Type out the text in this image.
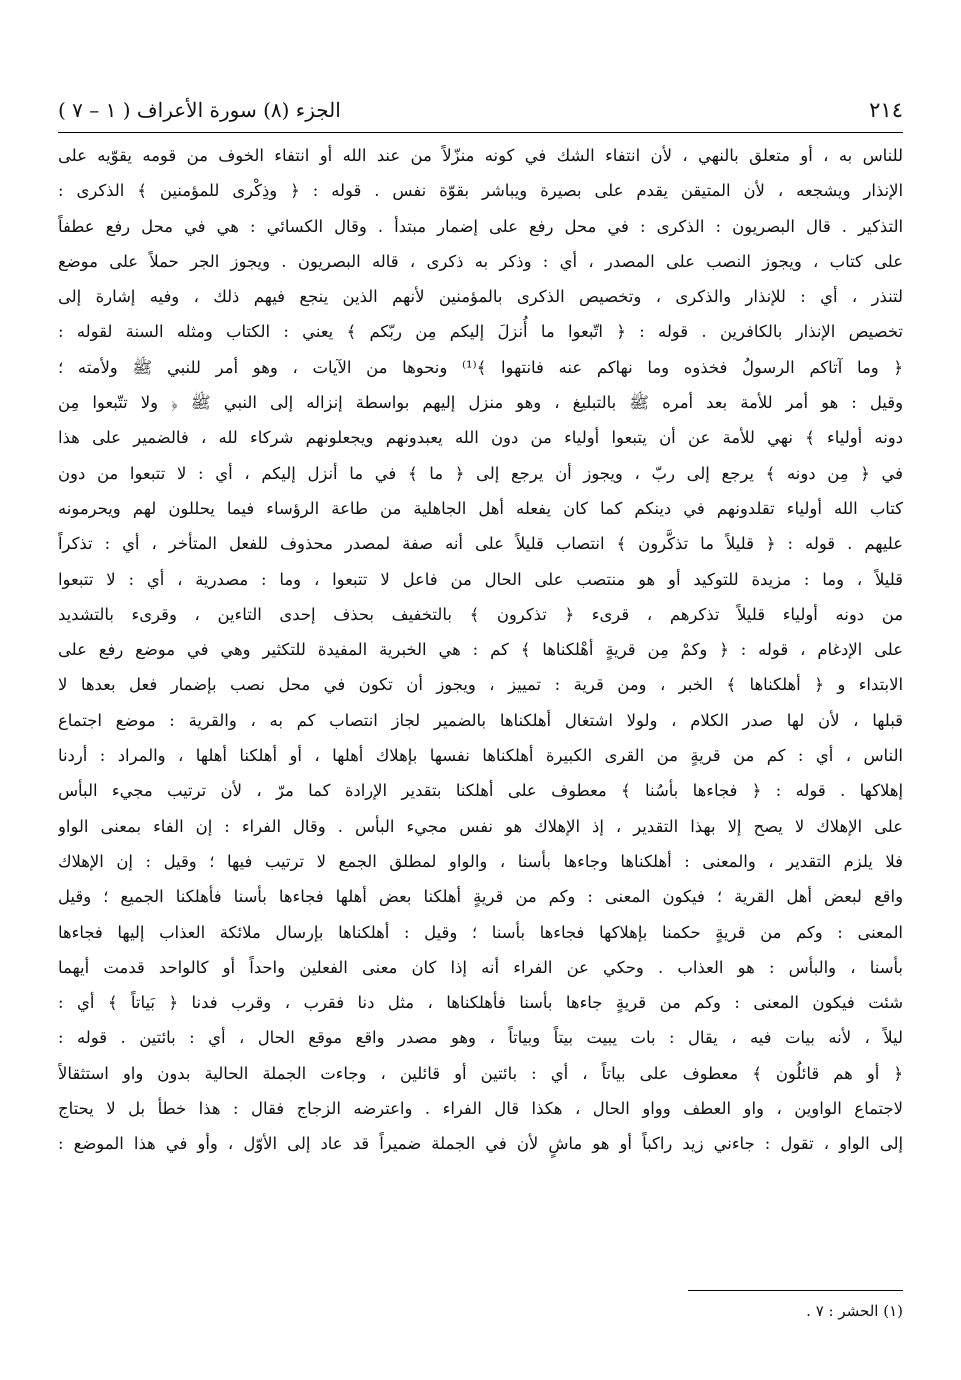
٢١٤
الجزء (٨) سورة الأعراف ( ١ – ٧ )
للناس به ، أو متعلق بالنهي ، لأن انتفاء الشك في كونه منزّلاً من عند الله أو انتفاء الخوف من قومه يقوّيه على
الإنذار ويشجعه ، لأن المتيقن يقدم على بصيرة ويباشر بقوّة نفس . قوله : ﴿ وذِكْرى للمؤمنين ﴾ الذكرى :
التذكير . قال البصريون : الذكرى : في محل رفع على إضمار مبتدأ . وقال الكسائي : هي في محل رفع عطفاً
على كتاب ، ويجوز النصب على المصدر ، أي : وذكر به ذكرى ، قاله البصريون . ويجوز الجر حملاً على موضع
لتنذر ، أي : للإنذار والذكرى ، وتخصيص الذكرى بالمؤمنين لأنهم الذين ينجع فيهم ذلك ، وفيه إشارة إلى
تخصيص الإنذار بالكافرين . قوله : ﴿ اتّبعوا ما أُنزلَ إليكم مِن ربّكم ﴾ يعني : الكتاب ومثله السنة لقوله :
﴿ وما آتاكم الرسولُ فخذوه وما نهاكم عنه فانتهوا ﴾⁽¹⁾ ونحوها من الآيات ، وهو أمر للنبي ﷺ ولأمته ؛
وقيل : هو أمر للأمة بعد أمره ﷺ بالتبليغ ، وهو منزل إليهم بواسطة إنزاله إلى النبي ﷺ ﴿ ولا تتّبعوا مِن
دونه أولياء ﴾ نهي للأمة عن أن يتبعوا أولياء من دون الله يعبدونهم ويجعلونهم شركاء لله ، فالضمير على هذا
في ﴿ مِن دونه ﴾ يرجع إلى ربّ ، ويجوز أن يرجع إلى ﴿ ما ﴾ في ما أنزل إليكم ، أي : لا تتبعوا من دون
كتاب الله أولياء تقلدونهم في دينكم كما كان يفعله أهل الجاهلية من طاعة الرؤساء فيما يحللون لهم ويحرمونه
عليهم . قوله : ﴿ قليلاً ما تذكَّرون ﴾ انتصاب قليلاً على أنه صفة لمصدر محذوف للفعل المتأخر ، أي : تذكراً
قليلاً ، وما : مزيدة للتوكيد أو هو منتصب على الحال من فاعل لا تتبعوا ، وما : مصدرية ، أي : لا تتبعوا
من دونه أولياء قليلاً تذكرهم ، قرىء ﴿ تذكرون ﴾ بالتخفيف بحذف إحدى التاءين ، وقرىء بالتشديد
على الإدغام ، قوله : ﴿ وكمْ مِن قريةٍ أهْلكناها ﴾ كم : هي الخبرية المفيدة للتكثير وهي في موضع رفع على
الابتداء و ﴿ أهلكناها ﴾ الخبر ، ومن قرية : تمييز ، ويجوز أن تكون في محل نصب بإضمار فعل بعدها لا
قبلها ، لأن لها صدر الكلام ، ولولا اشتغال أهلكناها بالضمير لجاز انتصاب كم به ، والقرية : موضع اجتماع
الناس ، أي : كم من قريةٍ من القرى الكبيرة أهلكناها نفسها بإهلاك أهلها ، أو أهلكنا أهلها ، والمراد : أردنا
إهلاكها . قوله : ﴿ فجاءها بأسُنا ﴾ معطوف على أهلكنا بتقدير الإرادة كما مرّ ، لأن ترتيب مجيء البأس
على الإهلاك لا يصح إلا بهذا التقدير ، إذ الإهلاك هو نفس مجيء البأس . وقال الفراء : إن الفاء بمعنى الواو
فلا يلزم التقدير ، والمعنى : أهلكناها وجاءها بأسنا ، والواو لمطلق الجمع لا ترتيب فيها ؛ وقيل : إن الإهلاك
واقع لبعض أهل القرية ؛ فيكون المعنى : وكم من قريةٍ أهلكنا بعض أهلها فجاءها بأسنا فأهلكنا الجميع ؛ وقيل
المعنى : وكم من قريةٍ حكمنا بإهلاكها فجاءها بأسنا ؛ وقيل : أهلكناها بإرسال ملائكة العذاب إليها فجاءها
بأسنا ، والبأس : هو العذاب . وحكي عن الفراء أنه إذا كان معنى الفعلين واحداً أو كالواحد قدمت أيهما
شئت فيكون المعنى : وكم من قريةٍ جاءها بأسنا فأهلكناها ، مثل دنا فقرب ، وقرب فدنا ﴿ بَياتاً ﴾ أي :
ليلاً ، لأنه بيات فيه ، يقال : بات يبيت بيتاً وبياتاً ، وهو مصدر واقع موقع الحال ، أي : بائتين . قوله :
﴿ أو هم قائلُون ﴾ معطوف على بياتاً ، أي : بائتين أو قائلين ، وجاءت الجملة الحالية بدون واو استثقالاً
لاجتماع الواوين ، واو العطف وواو الحال ، هكذا قال الفراء . واعترضه الزجاج فقال : هذا خطأ بل لا يحتاج
إلى الواو ، تقول : جاءني زيد راكباً أو هو ماشٍ لأن في الجملة ضميراً قد عاد إلى الأوّل ، وأو في هذا الموضع :
(١) الحشر : ٧ .
